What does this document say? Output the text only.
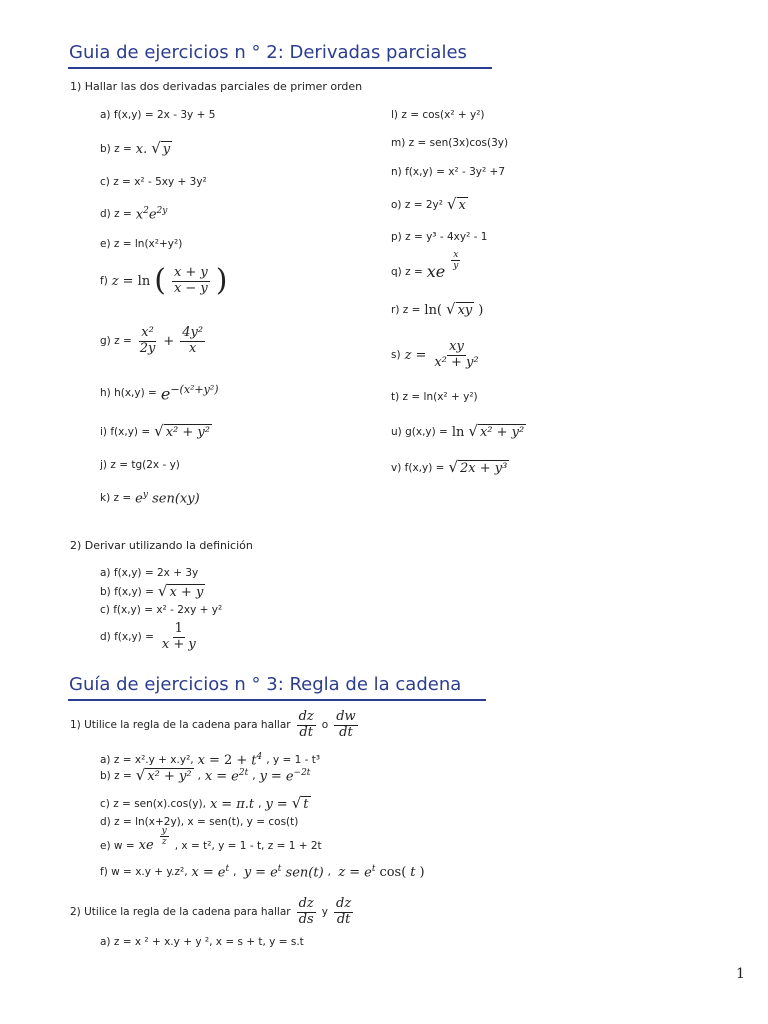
Guia de ejercicios n ° 2: Derivadas parciales
1) Hallar las dos derivadas parciales de primer orden
a) f(x,y) = 2x - 3y + 5
b) z = x. √ y
c) z = x² - 5xy + 3y²
d) $z = x^2e^{2y}$
e) z = ln(x²+y²)
f) z = ln ( $\frac{x + y}{x - y}$ )
g) $z = \frac{\text{x²}}{2y} + \frac{\text{4y²}}{x}$
h) $h(x,y) = e^{-(x^2+y^2)}$
i) f(x,y) = √ x² + y²
j) z = tg(2x - y)
k) $z = e^y$ sen(xy)
l) z = cos(x² + y²)
m) z = sen(3x)cos(3y)
n) f(x,y) = x² - 3y² +7
o) z = 2y² √ x
p) z = y³ - 4xy² - 1
q) z = xe
$\frac{x}{y}$
r) z = ln( √ xy )
s) $z = \frac{xy}{\text{x² + y²}}$
t) z = ln(x² + y²)
u) g(x,y) = ln √ x² + y²
v) f(x,y) = √ 2x + y³
2) Derivar utilizando la definición
a) f(x,y) = 2x + 3y
b) f(x,y) = √ x + y
c) f(x,y) = x² - 2xy + y²
d) $f(x,y) = \frac{1}{x + y}$
Guía de ejercicios n ° 3: Regla de la cadena
1) Utilice la regla de la cadena para hallar $\frac{dz}{dt}$ o $\frac{dw}{dt}$
a) z = x².y + x.y², $x = 2 + t^4$ , y = 1 - t³
b) z = √ x² + y² , $x = e^{2t}$ , $y = e^{-2t}$
c) z = sen(x).cos(y), x = π.t , y = √ t
d) z = ln(x+2y), x = sen(t), y = cos(t)
e) w = xe $\frac{y}{z}$ , x = t², y = 1 - t, z = 1 + 2t
f) w = x.y + y.z², $x = e^t$ , $y = e^t$ sen(t) , $z = e^t$ cos( t )
2) Utilice la regla de la cadena para hallar $\frac{dz}{ds}$ y $\frac{dz}{dt}$
a) z = x ² + x.y + y ², x = s + t, y = s.t
1
